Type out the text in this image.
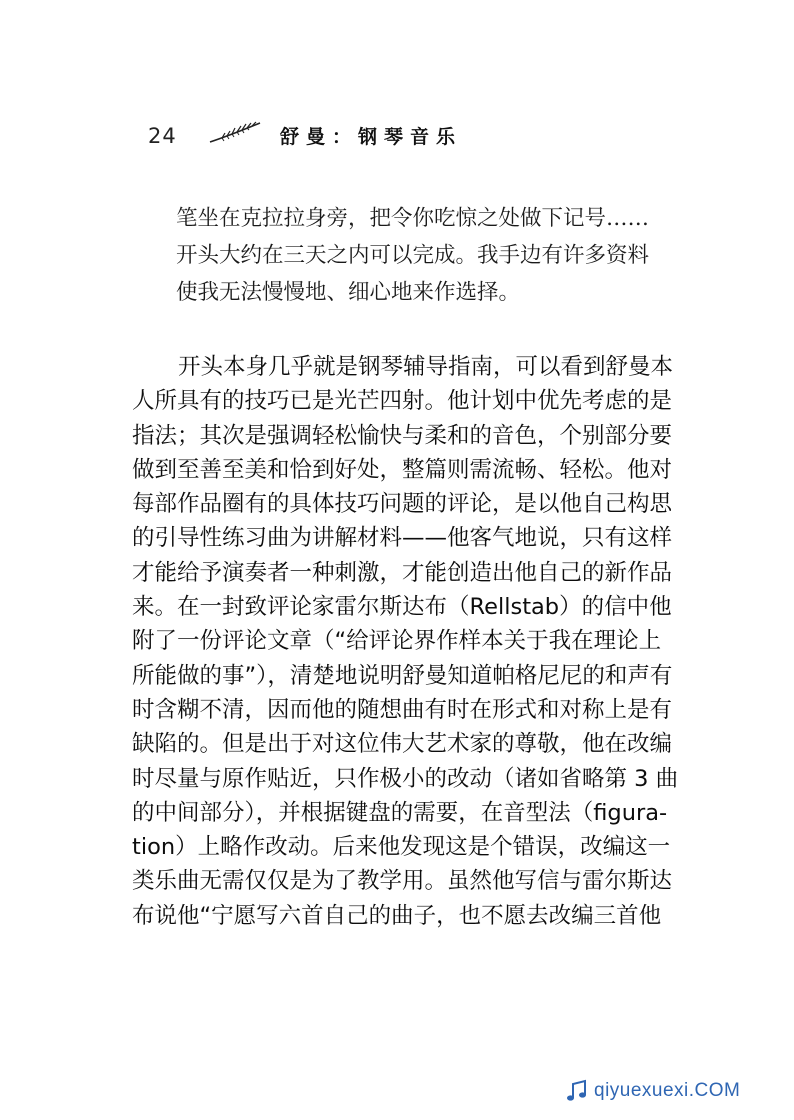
24	舒曼：钢琴音乐
笔坐在克拉拉身旁，把令你吃惊之处做下记号……
开头大约在三天之内可以完成。我手边有许多资料
使我无法慢慢地、细心地来作选择。
开头本身几乎就是钢琴辅导指南，可以看到舒曼本
人所具有的技巧已是光芒四射。他计划中优先考虑的是
指法；其次是强调轻松愉快与柔和的音色，个别部分要
做到至善至美和恰到好处，整篇则需流畅、轻松。他对
每部作品圈有的具体技巧问题的评论，是以他自己构思
的引导性练习曲为讲解材料——他客气地说，只有这样
才能给予演奏者一种刺激，才能创造出他自己的新作品
来。在一封致评论家雷尔斯达布（Rellstab）的信中他
附了一份评论文章（“给评论界作样本关于我在理论上
所能做的事”），清楚地说明舒曼知道帕格尼尼的和声有
时含糊不清，因而他的随想曲有时在形式和对称上是有
缺陷的。但是出于对这位伟大艺术家的尊敬，他在改编
时尽量与原作贴近，只作极小的改动（诸如省略第 3 曲
的中间部分），并根据键盘的需要，在音型法（figura-
tion）上略作改动。后来他发现这是个错误，改编这一
类乐曲无需仅仅是为了教学用。虽然他写信与雷尔斯达
布说他“宁愿写六首自己的曲子，也不愿去改编三首他
qiyuexuexi.COM
